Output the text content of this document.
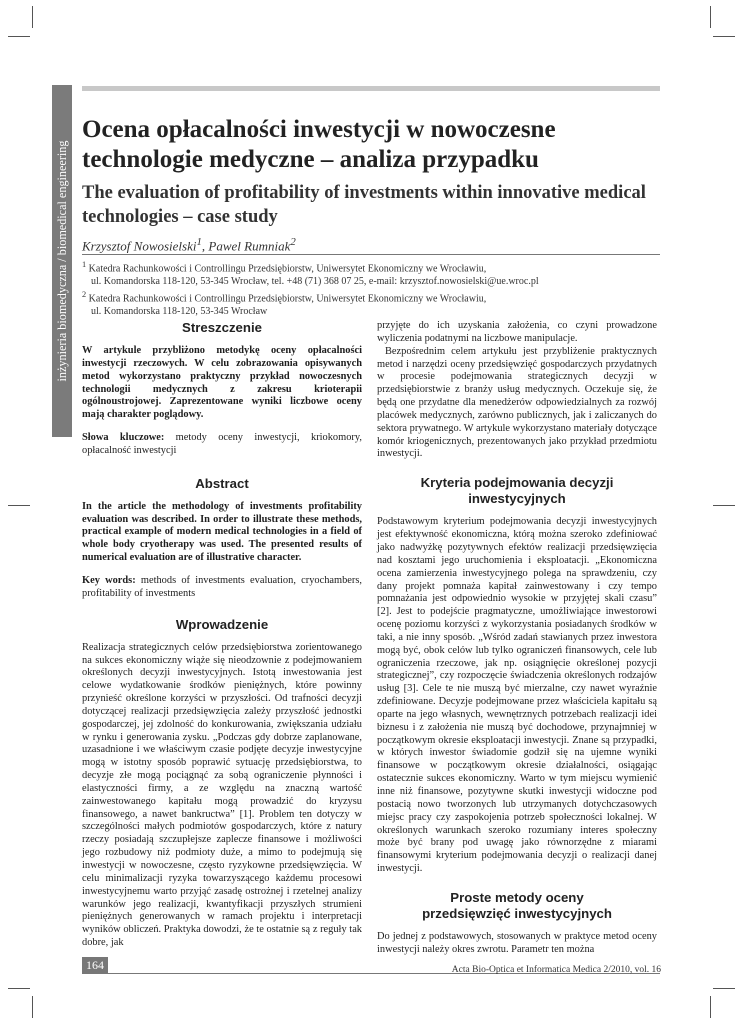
inżynieria biomedyczna / biomedical engineering
Ocena opłacalności inwestycji w nowoczesne technologie medyczne – analiza przypadku
The evaluation of profitability of investments within innovative medical technologies – case study
Krzysztof Nowosielski$^1$, Pawel Rumniak$^2$
$^1$ Katedra Rachunkowości i Controllingu Przedsiębiorstw, Uniwersytet Ekonomiczny we Wrocławiu,
ul. Komandorska 118-120, 53-345 Wrocław, tel. +48 (71) 368 07 25, e-mail: krzysztof.nowosielski@ue.wroc.pl
$^2$ Katedra Rachunkowości i Controllingu Przedsiębiorstw, Uniwersytet Ekonomiczny we Wrocławiu,
ul. Komandorska 118-120, 53-345 Wrocław
Streszczenie

W artykule przybliżono metodykę oceny opłacalności inwestycji rzeczowych. W celu zobrazowania opisywanych metod wykorzystano praktyczny przykład nowoczesnych technologii medycznych z zakresu krioterapii ogólnoustrojowej. Zaprezentowane wyniki liczbowe oceny mają charakter poglądowy.

Słowa kluczowe: metody oceny inwestycji, kriokomory, opłacalność inwestycji

Abstract

In the article the methodology of investments profitability evaluation was described. In order to illustrate these methods, practical example of modern medical technologies in a field of whole body cryotherapy was used. The presented results of numerical evaluation are of illustrative character.

Key words: methods of investments evaluation, cryochambers, profitability of investments

Wprowadzenie

Realizacja strategicznych celów przedsiębiorstwa zorientowanego na sukces ekonomiczny wiąże się nieodzownie z podejmowaniem określonych decyzji inwestycyjnych. Istotą inwestowania jest celowe wydatkowanie środków pieniężnych, które powinny przynieść określone korzyści w przyszłości. Od trafności decyzji dotyczącej realizacji przedsięwzięcia zależy przyszłość jednostki gospodarczej, jej zdolność do konkurowania, zwiększania udziału w rynku i generowania zysku. „Podczas gdy dobrze zaplanowane, uzasadnione i we właściwym czasie podjęte decyzje inwestycyjne mogą w istotny sposób poprawić sytuację przedsiębiorstwa, to decyzje złe mogą pociągnąć za sobą ograniczenie płynności i elastyczności firmy, a ze względu na znaczną wartość zainwestowanego kapitału mogą prowadzić do kryzysu finansowego, a nawet bankructwa” [1]. Problem ten dotyczy w szczególności małych podmiotów gospodarczych, które z natury rzeczy posiadają szczupłejsze zaplecze finansowe i możliwości jego rozbudowy niż podmioty duże, a mimo to podejmują się inwestycji w nowoczesne, często ryzykowne przedsięwzięcia. W celu minimalizacji ryzyka towarzyszącego każdemu procesowi inwestycyjnemu warto przyjąć zasadę ostrożnej i rzetelnej analizy warunków jego realizacji, kwantyfikacji przyszłych strumieni pieniężnych generowanych w ramach projektu i interpretacji wyników obliczeń. Praktyka dowodzi, że te ostatnie są z reguły tak dobre, jak

przyjęte do ich uzyskania założenia, co czyni prowadzone wyliczenia podatnymi na liczbowe manipulacje.

Bezpośrednim celem artykułu jest przybliżenie praktycznych metod i narzędzi oceny przedsięwzięć gospodarczych przydatnych w procesie podejmowania strategicznych decyzji w przedsiębiorstwie z branży usług medycznych. Oczekuje się, że będą one przydatne dla menedżerów odpowiedzialnych za rozwój placówek medycznych, zarówno publicznych, jak i zaliczanych do sektora prywatnego. W artykule wykorzystano materiały dotyczące komór kriogenicznych, prezentowanych jako przykład przedmiotu inwestycji.

Kryteria podejmowania decyzji inwestycyjnych

Podstawowym kryterium podejmowania decyzji inwestycyjnych jest efektywność ekonomiczna, którą można szeroko zdefiniować jako nadwyżkę pozytywnych efektów realizacji przedsięwzięcia nad kosztami jego uruchomienia i eksploatacji. „Ekonomiczna ocena zamierzenia inwestycyjnego polega na sprawdzeniu, czy dany projekt pomnaża kapitał zainwestowany i czy tempo pomnażania jest odpowiednio wysokie w przyjętej skali czasu” [2]. Jest to podejście pragmatyczne, umożliwiające inwestorowi ocenę poziomu korzyści z wykorzystania posiadanych środków w taki, a nie inny sposób. „Wśród zadań stawianych przez inwestora mogą być, obok celów lub tylko ograniczeń finansowych, cele lub ograniczenia rzeczowe, jak np. osiągnięcie określonej pozycji strategicznej”, czy rozpoczęcie świadczenia określonych rodzajów usług [3]. Cele te nie muszą być mierzalne, czy nawet wyraźnie zdefiniowane. Decyzje podejmowane przez właściciela kapitału są oparte na jego własnych, wewnętrznych potrzebach realizacji idei biznesu i z założenia nie muszą być dochodowe, przynajmniej w początkowym okresie eksploatacji inwestycji. Znane są przypadki, w których inwestor świadomie godził się na ujemne wyniki finansowe w początkowym okresie działalności, osiągając ostatecznie sukces ekonomiczny. Warto w tym miejscu wymienić inne niż finansowe, pozytywne skutki inwestycji widoczne pod postacią nowo tworzonych lub utrzymanych dotychczasowych miejsc pracy czy zaspokojenia potrzeb społeczności lokalnej. W określonych warunkach szeroko rozumiany interes społeczny może być brany pod uwagę jako równorzędne z miarami finansowymi kryterium podejmowania decyzji o realizacji danej inwestycji.

Proste metody oceny przedsięwzięć inwestycyjnych

Do jednej z podstawowych, stosowanych w praktyce metod oceny inwestycji należy okres zwrotu. Parametr ten można

164	Acta Bio-Optica et Informatica Medica 2/2010, vol. 16
